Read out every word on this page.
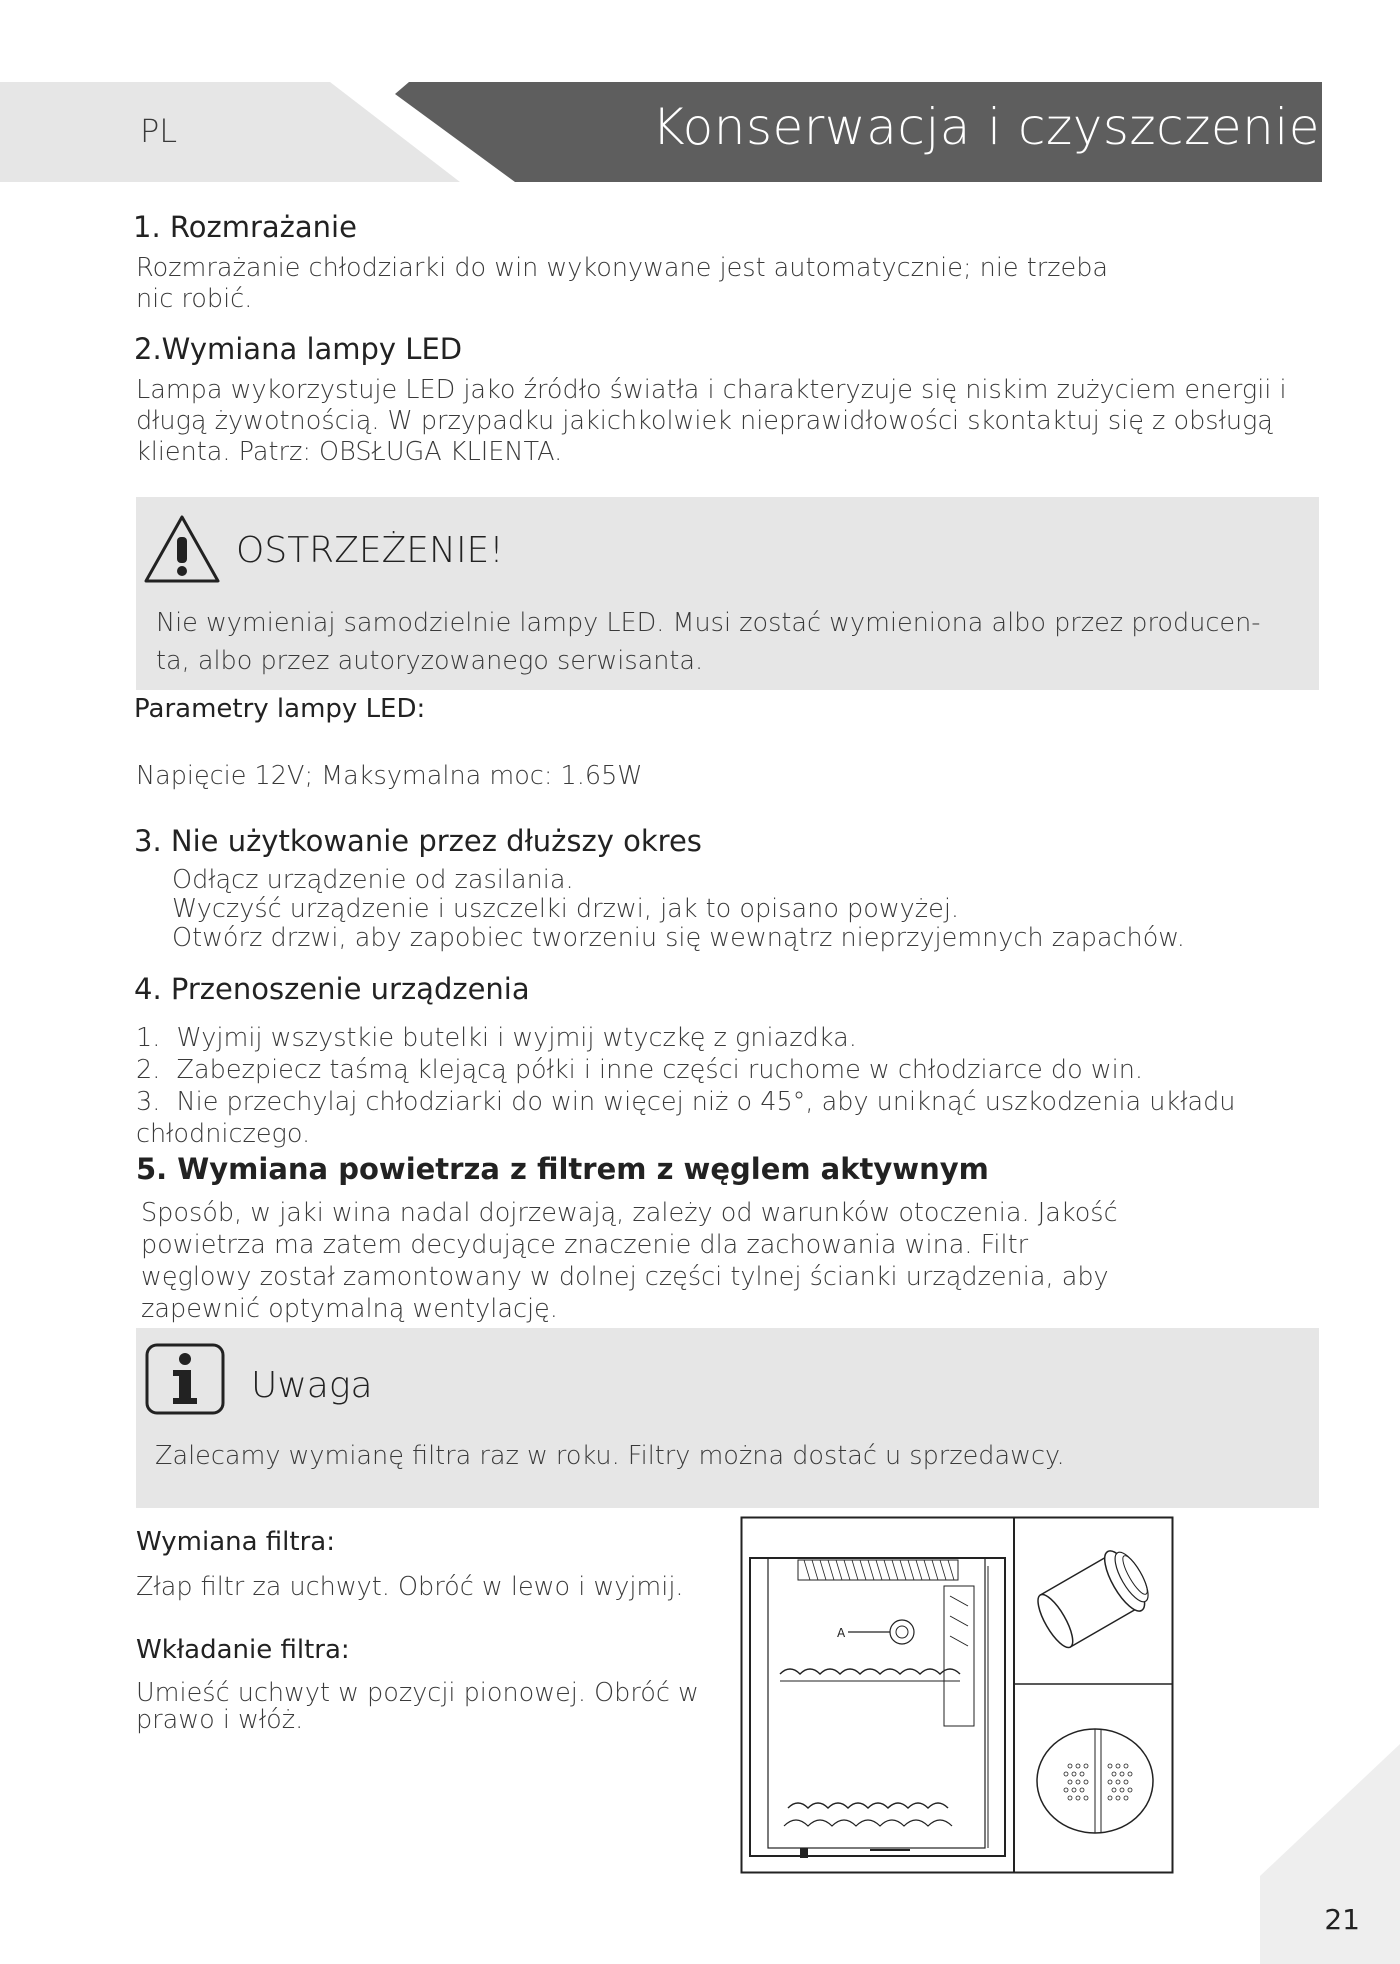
PL	Konserwacja i czyszczenie
1. Rozmrażanie
Rozmrażanie chłodziarki do win wykonywane jest automatycznie; nie trzeba
nic robić.
2.Wymiana lampy LED
Lampa wykorzystuje LED jako źródło światła i charakteryzuje się niskim zużyciem energii i
długą żywotnością. W przypadku jakichkolwiek nieprawidłowości skontaktuj się z obsługą
klienta. Patrz: OBSŁUGA KLIENTA.
OSTRZEŻENIE!
Nie wymieniaj samodzielnie lampy LED. Musi zostać wymieniona albo przez producen-
ta, albo przez autoryzowanego serwisanta.
Parametry lampy LED:
Napięcie 12V; Maksymalna moc: 1.65W
3. Nie użytkowanie przez dłuższy okres
Odłącz urządzenie od zasilania.
Wyczyść urządzenie i uszczelki drzwi, jak to opisano powyżej.
Otwórz drzwi, aby zapobiec tworzeniu się wewnątrz nieprzyjemnych zapachów.
4. Przenoszenie urządzenia
1.  Wyjmij wszystkie butelki i wyjmij wtyczkę z gniazdka.
2.  Zabezpiecz taśmą klejącą półki i inne części ruchome w chłodziarce do win.
3.  Nie przechylaj chłodziarki do win więcej niż o 45°, aby uniknąć uszkodzenia układu
chłodniczego.
5. Wymiana powietrza z filtrem z węglem aktywnym
Sposób, w jaki wina nadal dojrzewają, zależy od warunków otoczenia. Jakość
powietrza ma zatem decydujące znaczenie dla zachowania wina. Filtr
węglowy został zamontowany w dolnej części tylnej ścianki urządzenia, aby
zapewnić optymalną wentylację.
Uwaga
Zalecamy wymianę filtra raz w roku. Filtry można dostać u sprzedawcy.
Wymiana filtra:
Złap filtr za uchwyt. Obróć w lewo i wyjmij.
Wkładanie filtra:
Umieść uchwyt w pozycji pionowej. Obróć w
prawo i włóż.
A
21
